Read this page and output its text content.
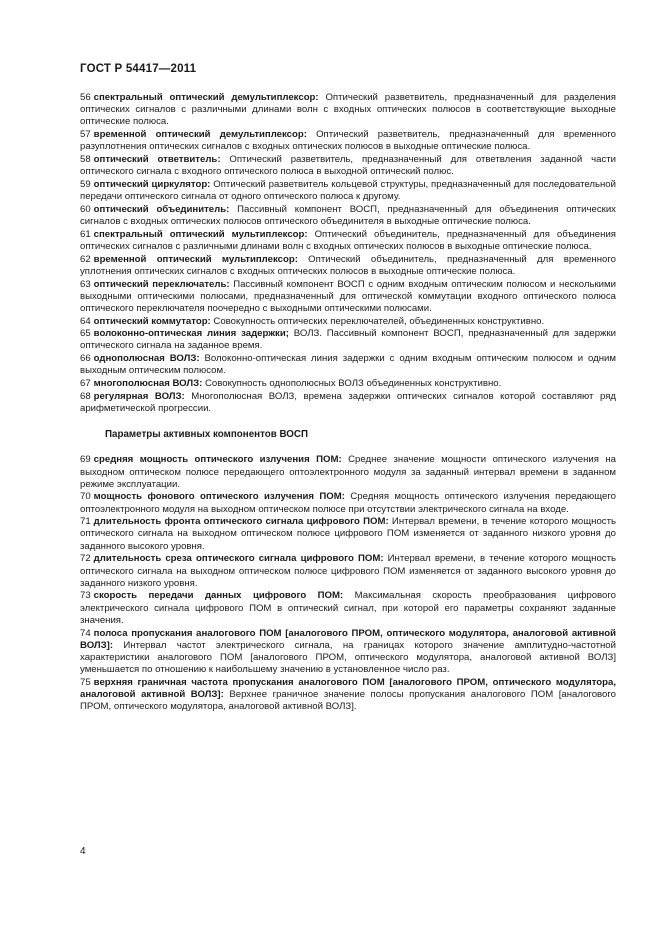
ГОСТ Р 54417—2011
56 спектральный оптический демультиплексор: Оптический разветвитель, предназначенный для разделения оптических сигналов с различными длинами волн с входных оптических полюсов в соответствующие выходные оптические полюса.
57 временной оптический демультиплексор: Оптический разветвитель, предназначенный для временного разуплотнения оптических сигналов с входных оптических полюсов в выходные оптические полюса.
58 оптический ответвитель: Оптический разветвитель, предназначенный для ответвления заданной части оптического сигнала с входного оптического полюса в выходной оптический полюс.
59 оптический циркулятор: Оптический разветвитель кольцевой структуры, предназначенный для последовательной передачи оптического сигнала от одного оптического полюса к другому.
60 оптический объединитель: Пассивный компонент ВОСП, предназначенный для объединения оптических сигналов с входных оптических полюсов оптического объединителя в выходные оптические полюса.
61 спектральный оптический мультиплексор: Оптический объединитель, предназначенный для объединения оптических сигналов с различными длинами волн с входных оптических полюсов в выходные оптические полюса.
62 временной оптический мультиплексор: Оптический объединитель, предназначенный для временного уплотнения оптических сигналов с входных оптических полюсов в выходные оптические полюса.
63 оптический переключатель: Пассивный компонент ВОСП с одним входным оптическим полюсом и несколькими выходными оптическими полюсами, предназначенный для оптической коммутации входного оптического полюса оптического переключателя поочередно с выходными оптическими полюсами.
64 оптический коммутатор: Совокупность оптических переключателей, объединенных конструктивно.
65 волоконно-оптическая линия задержки; ВОЛЗ. Пассивный компонент ВОСП, предназначенный для задержки оптического сигнала на заданное время.
66 однополюсная ВОЛЗ: Волоконно-оптическая линия задержки с одним входным оптическим полюсом и одним выходным оптическим полюсом.
67 многополюсная ВОЛЗ: Совокупность однополюсных ВОЛЗ объединенных конструктивно.
68 регулярная ВОЛЗ: Многополюсная ВОЛЗ, времена задержки оптических сигналов которой составляют ряд арифметической прогрессии.
Параметры активных компонентов ВОСП
69 средняя мощность оптического излучения ПОМ: Среднее значение мощности оптического излучения на выходном оптическом полюсе передающего оптоэлектронного модуля за заданный интервал времени в заданном режиме эксплуатации.
70 мощность фонового оптического излучения ПОМ: Средняя мощность оптического излучения передающего оптоэлектронного модуля на выходном оптическом полюсе при отсутствии электрического сигнала на входе.
71 длительность фронта оптического сигнала цифрового ПОМ: Интервал времени, в течение которого мощность оптического сигнала на выходном оптическом полюсе цифрового ПОМ изменяется от заданного низкого уровня до заданного высокого уровня.
72 длительность среза оптического сигнала цифрового ПОМ: Интервал времени, в течение которого мощность оптического сигнала на выходном оптическом полюсе цифрового ПОМ изменяется от заданного высокого уровня до заданного низкого уровня.
73 скорость передачи данных цифрового ПОМ: Максимальная скорость преобразования цифрового электрического сигнала цифрового ПОМ в оптический сигнал, при которой его параметры сохраняют заданные значения.
74 полоса пропускания аналогового ПОМ [аналогового ПРОМ, оптического модулятора, аналоговой активной ВОЛЗ]: Интервал частот электрического сигнала, на границах которого значение амплитудно-частотной характеристики аналогового ПОМ [аналогового ПРОМ, оптического модулятора, аналоговой активной ВОЛЗ] уменьшается по отношению к наибольшему значению в установленное число раз.
75 верхняя граничная частота пропускания аналогового ПОМ [аналогового ПРОМ, оптического модулятора, аналоговой активной ВОЛЗ]: Верхнее граничное значение полосы пропускания аналогового ПОМ [аналогового ПРОМ, оптического модулятора, аналоговой активной ВОЛЗ].
4
